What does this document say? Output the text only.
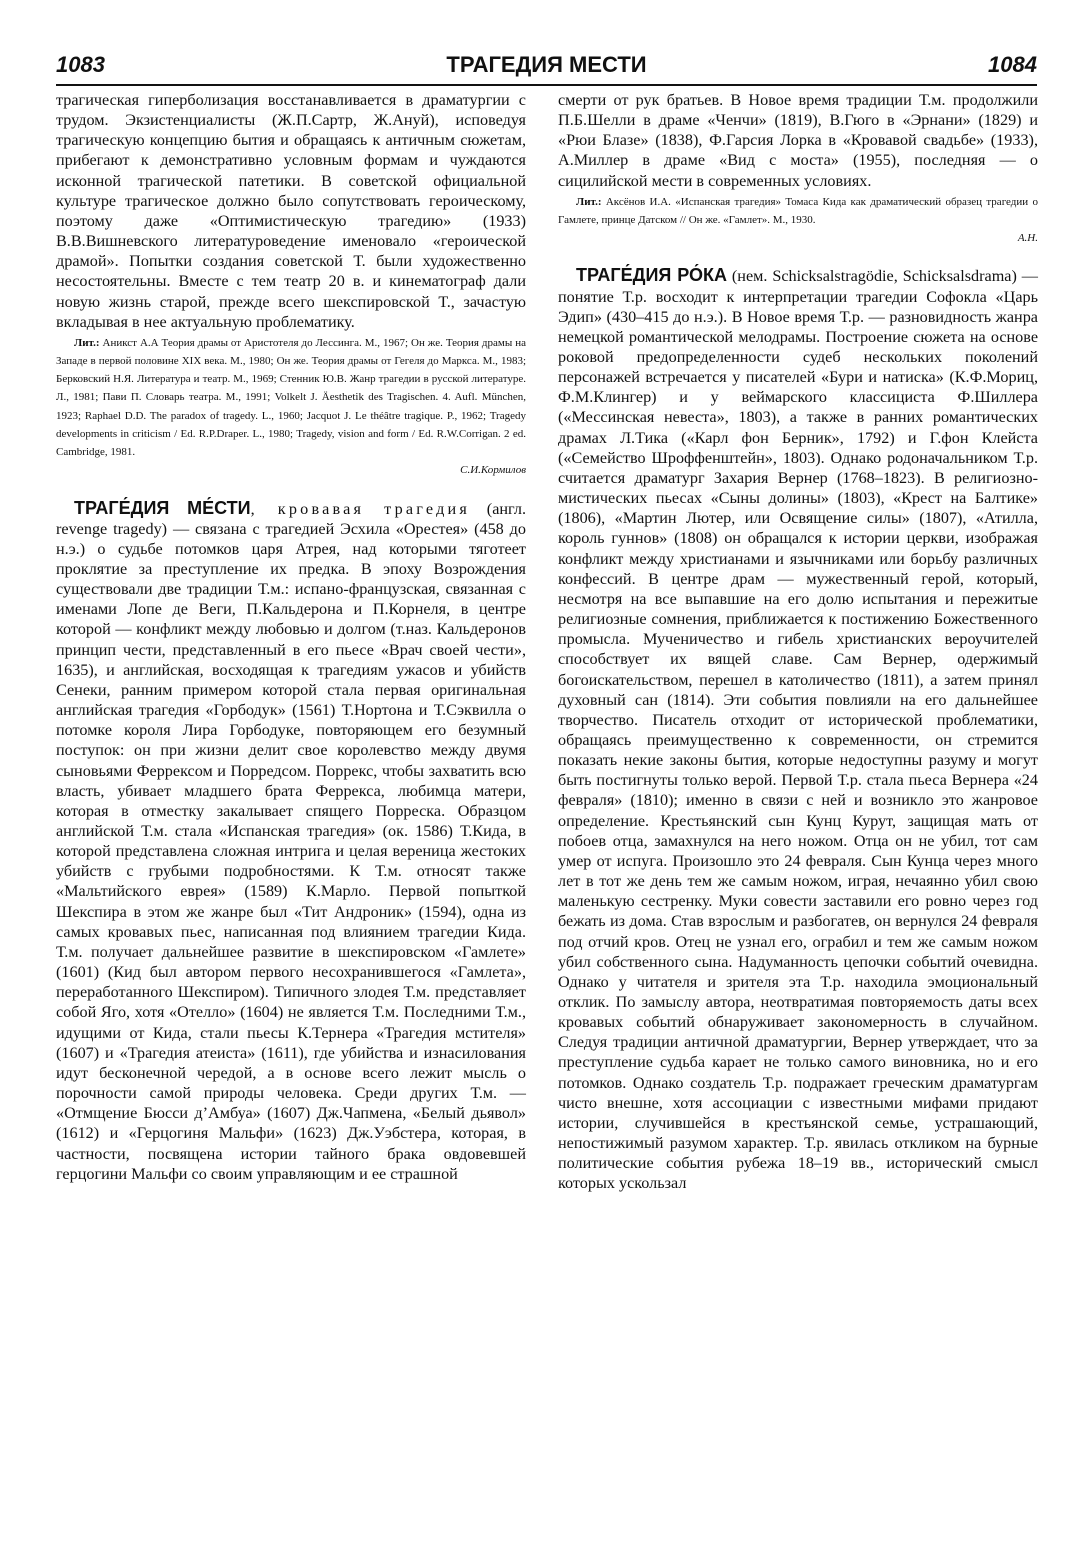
1083	ТРАГЕДИЯ МЕСТИ	1084

трагическая гиперболизация восстанавливается в драматургии с трудом. Экзистенциалисты (Ж.П.Сартр, Ж.Ануй), исповедуя трагическую концепцию бытия и обращаясь к античным сюжетам, прибегают к демонстративно условным формам и чуждаются исконной трагической патетики. В советской официальной культуре трагическое должно было сопутствовать героическому, поэтому даже «Оптимистическую трагедию» (1933) В.В.Вишневского литературоведение именовало «героической драмой». Попытки создания советской Т. были художественно несостоятельны. Вместе с тем театр 20 в. и кинематограф дали новую жизнь старой, прежде всего шекспировской Т., зачастую вкладывая в нее актуальную проблематику.

Лит.: Аникст А.А Теория драмы от Аристотеля до Лессинга. М., 1967; Он же. Теория драмы на Западе в первой половине XIX века. М., 1980; Он же. Теория драмы от Гегеля до Маркса. М., 1983; Берковский Н.Я. Литература и театр. М., 1969; Стенник Ю.В. Жанр трагедии в русской литературе. Л., 1981; Пави П. Словарь театра. М., 1991; Volkelt J. Äesthetik des Tragischen. 4. Aufl. München, 1923; Raphael D.D. The paradox of tragedy. L., 1960; Jacquot J. Le théâtre tragique. P., 1962; Tragedy developments in criticism / Ed. R.P.Draper. L., 1980; Tragedy, vision and form / Ed. R.W.Corrigan. 2 ed. Cambridge, 1981.

С.И.Кормилов

ТРАГЕ́ДИЯ МЕ́СТИ, кровавая трагедия (англ. revenge tragedy) — связана с трагедией Эсхила «Орестея» (458 до н.э.) о судьбе потомков царя Атрея, над которыми тяготеет проклятие за преступление их предка. В эпоху Возрождения существовали две традиции Т.м.: испано-французская, связанная с именами Лопе де Веги, П.Кальдерона и П.Корнеля, в центре которой — конфликт между любовью и долгом (т.наз. Кальдеронов принцип чести, представленный в его пьесе «Врач своей чести», 1635), и английская, восходящая к трагедиям ужасов и убийств Сенеки, ранним примером которой стала первая оригинальная английская трагедия «Горбодук» (1561) Т.Нортона и Т.Сэквилла о потомке короля Лира Горбодуке, повторяющем его безумный поступок: он при жизни делит свое королевство между двумя сыновьями Феррексом и Порредсом. Поррекс, чтобы захватить всю власть, убивает младшего брата Феррекса, любимца матери, которая в отместку закалывает спящего Порреска. Образцом английской Т.м. стала «Испанская трагедия» (ок. 1586) Т.Кида, в которой представлена сложная интрига и целая вереница жестоких убийств с грубыми подробностями. К Т.м. относят также «Мальтийского еврея» (1589) К.Марло. Первой попыткой Шекспира в этом же жанре был «Тит Андроник» (1594), одна из самых кровавых пьес, написанная под влиянием трагедии Кида. Т.м. получает дальнейшее развитие в шекспировском «Гамлете» (1601) (Кид был автором первого несохранившегося «Гамлета», переработанного Шекспиром). Типичного злодея Т.м. представляет собой Яго, хотя «Отелло» (1604) не является Т.м. Последними Т.м., идущими от Кида, стали пьесы К.Тернера «Трагедия мстителя» (1607) и «Трагедия атеиста» (1611), где убийства и изнасилования идут бесконечной чередой, а в основе всего лежит мысль о порочности самой природы человека. Среди других Т.м. — «Отмщение Бюсси д’Амбуа» (1607) Дж.Чапмена, «Белый дьявол» (1612) и «Герцогиня Мальфи» (1623) Дж.Уэбстера, которая, в частности, посвящена истории тайного брака овдовевшей герцогини Мальфи со своим управляющим и ее страшной

смерти от рук братьев. В Новое время традиции Т.м. продолжили П.Б.Шелли в драме «Ченчи» (1819), В.Гюго в «Эрнани» (1829) и «Рюи Блазе» (1838), Ф.Гарсия Лорка в «Кровавой свадьбе» (1933), А.Миллер в драме «Вид с моста» (1955), последняя — о сицилийской мести в современных условиях.

Лит.: Аксёнов И.А. «Испанская трагедия» Томаса Кида как драматический образец трагедии о Гамлете, принце Датском // Он же. «Гамлет». М., 1930.

А.Н.

ТРАГЕ́ДИЯ РО́КА (нем. Schicksalstragödie, Schicksalsdrama) — понятие Т.р. восходит к интерпретации трагедии Софокла «Царь Эдип» (430–415 до н.э.). В Новое время Т.р. — разновидность жанра немецкой романтической мелодрамы. Построение сюжета на основе роковой предопределенности судеб нескольких поколений персонажей встречается у писателей «Бури и натиска» (К.Ф.Мориц, Ф.М.Клингер) и у веймарского классициста Ф.Шиллера («Мессинская невеста», 1803), а также в ранних романтических драмах Л.Тика («Карл фон Берник», 1792) и Г.фон Клейста («Семейство Шроффенштейн», 1803). Однако родоначальником Т.р. считается драматург Захария Вернер (1768–1823). В религиозно-мистических пьесах «Сыны долины» (1803), «Крест на Балтике» (1806), «Мартин Лютер, или Освящение силы» (1807), «Атилла, король гуннов» (1808) он обращался к истории церкви, изображая конфликт между христианами и язычниками или борьбу различных конфессий. В центре драм — мужественный герой, который, несмотря на все выпавшие на его долю испытания и пережитые религиозные сомнения, приближается к постижению Божественного промысла. Мученичество и гибель христианских вероучителей способствует их вящей славе. Сам Вернер, одержимый богоискательством, перешел в католичество (1811), а затем принял духовный сан (1814). Эти события повлияли на его дальнейшее творчество. Писатель отходит от исторической проблематики, обращаясь преимущественно к современности, он стремится показать некие законы бытия, которые недоступны разуму и могут быть постигнуты только верой. Первой Т.р. стала пьеса Вернера «24 февраля» (1810); именно в связи с ней и возникло это жанровое определение. Крестьянский сын Кунц Курут, защищая мать от побоев отца, замахнулся на него ножом. Отца он не убил, тот сам умер от испуга. Произошло это 24 февраля. Сын Кунца через много лет в тот же день тем же самым ножом, играя, нечаянно убил свою маленькую сестренку. Муки совести заставили его ровно через год бежать из дома. Став взрослым и разбогатев, он вернулся 24 февраля под отчий кров. Отец не узнал его, ограбил и тем же самым ножом убил собственного сына. Надуманность цепочки событий очевидна. Однако у читателя и зрителя эта Т.р. находила эмоциональный отклик. По замыслу автора, неотвратимая повторяемость даты всех кровавых событий обнаруживает закономерность в случайном. Следуя традиции античной драматургии, Вернер утверждает, что за преступление судьба карает не только самого виновника, но и его потомков. Однако создатель Т.р. подражает греческим драматургам чисто внешне, хотя ассоциации с известными мифами придают истории, случившейся в крестьянской семье, устрашающий, непостижимый разумом характер. Т.р. явилась откликом на бурные политические события рубежа 18–19 вв., исторический смысл которых ускользал
